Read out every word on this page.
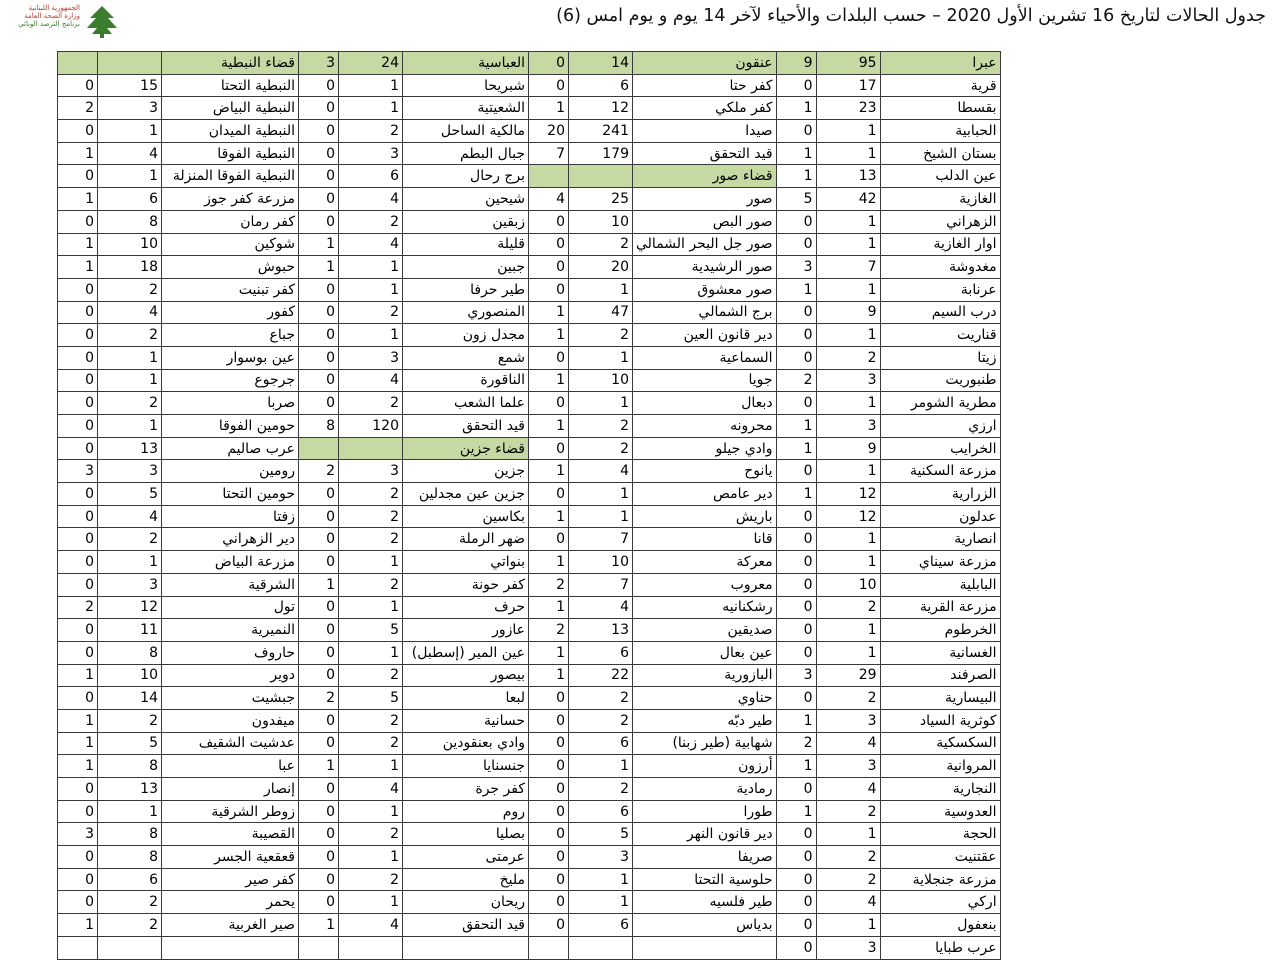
الجمهورية اللبنانية
وزارة الصحة العامة
برنامج الترصد الوبائي	جدول الحالات لتاريخ 16 تشرين الأول 2020 – حسب البلدات والأحياء لآخر 14 يوم و يوم امس (6)
عبرا	95	9	عنقون	14	0	العباسية	24	3	قضاء النبطية		
قرية	17	0	كفر حتا	6	0	شبريحا	1	0	النبطية التحتا	15	0
بقسطا	23	1	كفر ملكي	12	1	الشعيتية	1	0	النبطية البياض	3	2
الحبابية	1	0	صيدا	241	20	مالكية الساحل	2	0	النبطية الميدان	1	0
بستان الشيخ	1	1	قيد التحقق	179	7	جبال البطم	3	0	النبطية الفوقا	4	1
عين الدلب	13	1	قضاء صور			برج رحال	6	0	النبطية الفوقا المنزلة	1	0
الغازية	42	5	صور	25	4	شيحين	4	0	مزرعة كفر جوز	6	1
الزهراني	1	0	صور البص	10	0	زبقين	2	0	كفر رمان	8	0
اوار الغازية	1	0	صور جل البحر الشمالي	2	0	قليلة	4	1	شوكين	10	1
مغدوشة	7	3	صور الرشيدية	20	0	جبين	1	1	حبوش	18	1
عرنابة	1	1	صور معشوق	1	0	طير حرفا	1	0	كفر تبنيت	2	0
درب السيم	9	0	برج الشمالي	47	1	المنصوري	2	0	كفور	4	0
قناريت	1	0	دير قانون العين	2	1	مجدل زون	1	0	جباع	2	0
زيتا	2	0	السماعية	1	0	شمع	3	0	عين بوسوار	1	0
طنبوريت	3	2	جويا	10	1	الناقورة	4	0	جرجوع	1	0
مطرية الشومر	1	0	دبعال	1	0	علما الشعب	2	0	صربا	2	0
ارزي	3	1	محرونه	2	1	قيد التحقق	120	8	حومين الفوقا	1	0
الخرايب	9	1	وادي جيلو	2	0	قضاء جزين			عرب صاليم	13	0
مزرعة السكنية	1	0	يانوح	4	1	جزين	3	2	رومين	3	3
الزرارية	12	1	دير عامص	1	0	جزين عين مجدلين	2	0	حومين التحتا	5	0
عدلون	12	0	باريش	1	1	بكاسين	2	0	زفتا	4	0
انصارية	1	0	قانا	7	0	ضهر الرملة	2	0	دير الزهراني	2	0
مزرعة سيناي	1	0	معركة	10	1	بنواتي	1	0	مزرعة البياض	1	0
البابلية	10	0	معروب	7	2	كفر حونة	2	1	الشرقية	3	0
مزرعة القرية	2	0	رشكنانيه	4	1	حرف	1	0	تول	12	2
الخرطوم	1	0	صديقين	13	2	عازور	5	0	النميرية	11	0
الغسانية	1	0	عين بعال	6	1	عين المير (إسطبل)	1	0	حاروف	8	0
الصرفند	29	3	البازورية	22	1	بيصور	2	0	دوير	10	1
البيسارية	2	0	حناوي	2	0	لبعا	5	2	جبشيت	14	0
كوثرية السياد	3	1	طير دبّه	2	0	حسانية	2	0	ميفدون	2	1
السكسكية	4	2	شهابية (طير زبنا)	6	0	وادي بعنقودين	2	0	عدشيت الشقيف	5	1
المروانية	3	1	أرزون	1	0	جنسنايا	1	1	عبا	8	1
النجارية	4	0	رمادية	2	0	كفر جرة	4	0	إنصار	13	0
العدوسية	2	1	طورا	6	0	روم	1	0	زوطر الشرقية	1	0
الحجة	1	0	دير قانون النهر	5	0	بصليا	2	0	القصيبة	8	3
عقتنيت	2	0	صريفا	3	0	عرمتى	1	0	قعقعية الجسر	8	0
مزرعة جنجلاية	2	0	حلوسية التحتا	1	0	مليخ	2	0	كفر صير	6	0
اركي	4	0	طير فلسيه	1	0	ريحان	1	0	يحمر	2	0
بنعفول	1	0	بدياس	6	0	قيد التحقق	4	1	صير الغربية	2	1
عرب طبايا	3	0									
